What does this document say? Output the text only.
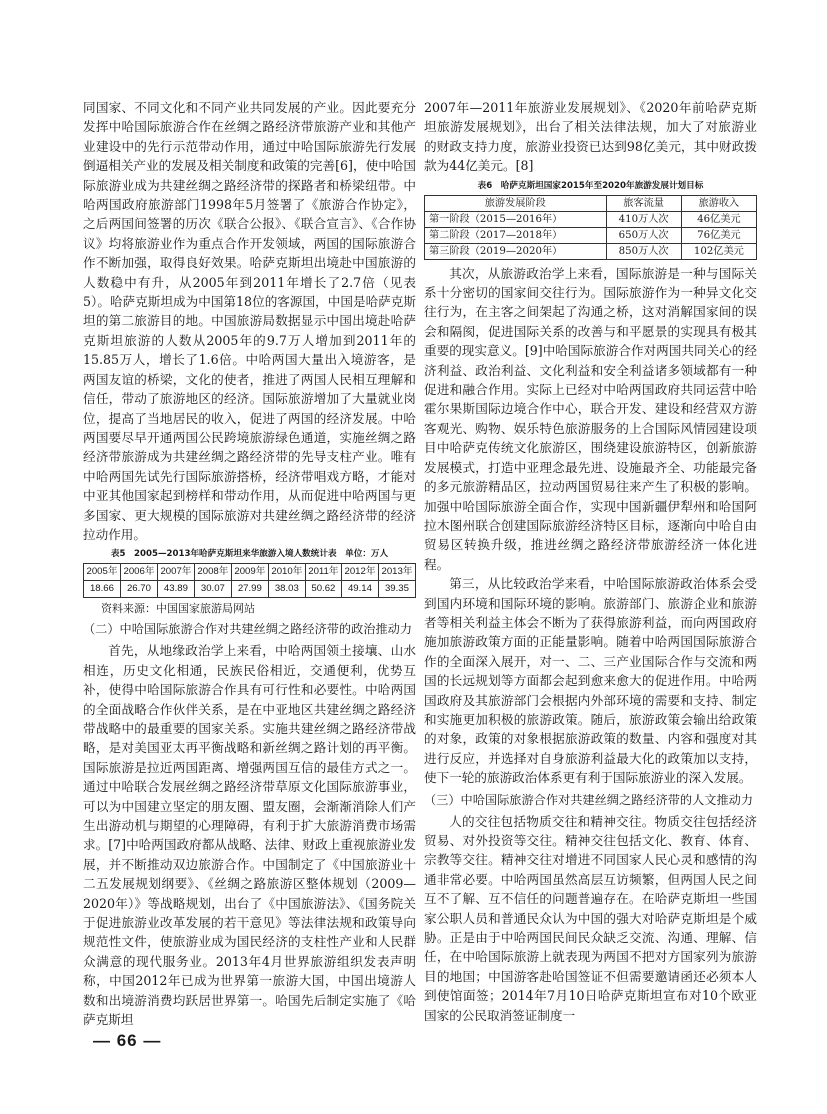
同国家、不同文化和不同产业共同发展的产业。因此要充分发挥中哈国际旅游合作在丝绸之路经济带旅游产业和其他产业建设中的先行示范带动作用，通过中哈国际旅游先行发展倒逼相关产业的发展及相关制度和政策的完善[6]，使中哈国际旅游业成为共建丝绸之路经济带的探路者和桥梁纽带。中哈两国政府旅游部门1998年5月签署了《旅游合作协定》，之后两国间签署的历次《联合公报》、《联合宣言》、《合作协议》均将旅游业作为重点合作开发领域，两国的国际旅游合作不断加强，取得良好效果。哈萨克斯坦出境赴中国旅游的人数稳中有升，从2005年到2011年增长了2.7倍（见表5）。哈萨克斯坦成为中国第18位的客源国，中国是哈萨克斯坦的第二旅游目的地。中国旅游局数据显示中国出境赴哈萨克斯坦旅游的人数从2005年的9.7万人增加到2011年的15.85万人，增长了1.6倍。中哈两国大量出入境游客，是两国友谊的桥梁，文化的使者，推进了两国人民相互理解和信任，带动了旅游地区的经济。国际旅游增加了大量就业岗位，提高了当地居民的收入，促进了两国的经济发展。中哈两国要尽早开通两国公民跨境旅游绿色通道，实施丝绸之路经济带旅游成为共建丝绸之路经济带的先导支柱产业。唯有中哈两国先试先行国际旅游搭桥，经济带唱戏方略，才能对中亚其他国家起到榜样和带动作用，从而促进中哈两国与更多国家、更大规模的国际旅游对共建丝绸之路经济带的经济拉动作用。

表5　2005—2013年哈萨克斯坦来华旅游入境人数统计表　单位：万人
2005年	2006年	2007年	2008年	2009年	2010年	2011年	2012年	2013年
18.66	26.70	43.89	30.07	27.99	38.03	50.62	49.14	39.35
资料来源：中国国家旅游局网站
（二）中哈国际旅游合作对共建丝绸之路经济带的政治推动力

首先，从地缘政治学上来看，中哈两国领土接壤、山水相连，历史文化相通，民族民俗相近，交通便利，优势互补，使得中哈国际旅游合作具有可行性和必要性。中哈两国的全面战略合作伙伴关系，是在中亚地区共建丝绸之路经济带战略中的最重要的国家关系。实施共建丝绸之路经济带战略，是对美国亚太再平衡战略和新丝绸之路计划的再平衡。国际旅游是拉近两国距离、增强两国互信的最佳方式之一。通过中哈联合发展丝绸之路经济带草原文化国际旅游事业，可以为中国建立坚定的朋友圈、盟友圈，会渐渐消除人们产生出游动机与期望的心理障碍，有利于扩大旅游消费市场需求。[7]中哈两国政府都从战略、法律、财政上重视旅游业发展，并不断推动双边旅游合作。中国制定了《中国旅游业十二五发展规划纲要》、《丝绸之路旅游区整体规划（2009—2020年）》等战略规划，出台了《中国旅游法》、《国务院关于促进旅游业改革发展的若干意见》等法律法规和政策导向规范性文件，使旅游业成为国民经济的支柱性产业和人民群众满意的现代服务业。2013年4月世界旅游组织发表声明称，中国2012年已成为世界第一旅游大国，中国出境游人数和出境游消费均跃居世界第一。哈国先后制定实施了《哈萨克斯坦

2007年—2011年旅游业发展规划》、《2020年前哈萨克斯坦旅游发展规划》，出台了相关法律法规，加大了对旅游业的财政支持力度，旅游业投资已达到98亿美元，其中财政拨款为44亿美元。[8]

表6　哈萨克斯坦国家2015年至2020年旅游发展计划目标
旅游发展阶段	旅客流量	旅游收入
第一阶段（2015—2016年）	410万人次	46亿美元
第二阶段（2017—2018年）	650万人次	76亿美元
第三阶段（2019—2020年）	850万人次	102亿美元

其次，从旅游政治学上来看，国际旅游是一种与国际关系十分密切的国家间交往行为。国际旅游作为一种异文化交往行为，在主客之间架起了沟通之桥，这对消解国家间的误会和隔阂，促进国际关系的改善与和平愿景的实现具有极其重要的现实意义。[9]中哈国际旅游合作对两国共同关心的经济利益、政治利益、文化利益和安全利益诸多领域都有一种促进和融合作用。实际上已经对中哈两国政府共同运营中哈霍尔果斯国际边境合作中心，联合开发、建设和经营双方游客观光、购物、娱乐特色旅游服务的上合国际风情园建设项目中哈萨克传统文化旅游区，围绕建设旅游特区，创新旅游发展模式，打造中亚理念最先进、设施最齐全、功能最完备的多元旅游精品区，拉动两国贸易往来产生了积极的影响。加强中哈国际旅游全面合作，实现中国新疆伊犁州和哈国阿拉木图州联合创建国际旅游经济特区目标，逐渐向中哈自由贸易区转换升级，推进丝绸之路经济带旅游经济一体化进程。

第三，从比较政治学来看，中哈国际旅游政治体系会受到国内环境和国际环境的影响。旅游部门、旅游企业和旅游者等相关利益主体会不断为了获得旅游利益，而向两国政府施加旅游政策方面的正能量影响。随着中哈两国国际旅游合作的全面深入展开，对一、二、三产业国际合作与交流和两国的长远规划等方面都会起到愈来愈大的促进作用。中哈两国政府及其旅游部门会根据内外部环境的需要和支持、制定和实施更加积极的旅游政策。随后，旅游政策会输出给政策的对象，政策的对象根据旅游政策的数量、内容和强度对其进行反应，并选择对自身旅游利益最大化的政策加以支持，使下一轮的旅游政治体系更有利于国际旅游业的深入发展。

（三）中哈国际旅游合作对共建丝绸之路经济带的人文推动力

人的交往包括物质交往和精神交往。物质交往包括经济贸易、对外投资等交往。精神交往包括文化、教育、体育、宗教等交往。精神交往对增进不同国家人民心灵和感情的沟通非常必要。中哈两国虽然高层互访频繁，但两国人民之间互不了解、互不信任的问题普遍存在。在哈萨克斯坦一些国家公职人员和普通民众认为中国的强大对哈萨克斯坦是个威胁。正是由于中哈两国民间民众缺乏交流、沟通、理解、信任，在中哈国际旅游上就表现为两国不把对方国家列为旅游目的地国；中国游客赴哈国签证不但需要邀请函还必须本人到使馆面签；2014年7月10日哈萨克斯坦宣布对10个欧亚国家的公民取消签证制度一

— 66 —
